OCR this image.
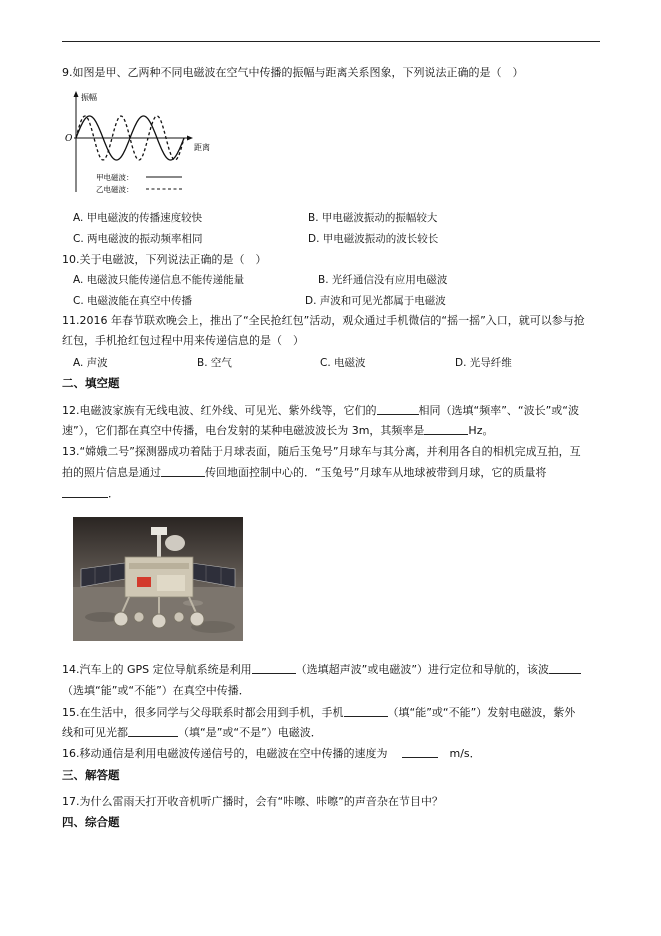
9.如图是甲、乙两种不同电磁波在空气中传播的振幅与距离关系图象，下列说法正确的是（　）
振幅
距离
O
甲电磁波：
乙电磁波：
A. 甲电磁波的传播速度较快	B. 甲电磁波振动的振幅较大
C. 两电磁波的振动频率相同	D. 甲电磁波振动的波长较长
10.关于电磁波，下列说法正确的是（　）
A. 电磁波只能传递信息不能传递能量	B. 光纤通信没有应用电磁波
C. 电磁波能在真空中传播	D. 声波和可见光都属于电磁波
11.2016 年春节联欢晚会上，推出了“全民抢红包”活动，观众通过手机微信的“摇一摇”入口，就可以参与抢
红包，手机抢红包过程中用来传递信息的是（　）
A. 声波	B. 空气	C. 电磁波	D. 光导纤维
二、填空题
12.电磁波家族有无线电波、红外线、可见光、紫外线等，它们的	相同（选填“频率”、“波长”或“波
速”），它们都在真空中传播，电台发射的某种电磁波波长为 3m，其频率是	Hz。
13.“嫦娥二号”探测器成功着陆于月球表面，随后玉兔号”月球车与其分离，并利用各自的相机完成互拍，互
拍的照片信息是通过	传回地面控制中心的．“玉兔号”月球车从地球被带到月球，它的质量将
．
14.汽车上的 GPS 定位导航系统是利用	（选填超声波”或电磁波”）进行定位和导航的，该波
（选填“能”或“不能”）在真空中传播．
15.在生活中，很多同学与父母联系时都会用到手机，手机	（填“能”或“不能”）发射电磁波，紫外
线和可见光都	（填“是”或“不是”）电磁波．
16.移动通信是利用电磁波传递信号的，电磁波在空中传播的速度为	m/s．
三、解答题
17.为什么雷雨天打开收音机听广播时，会有“咔嚓、咔嚓”的声音杂在节目中？
四、综合题
